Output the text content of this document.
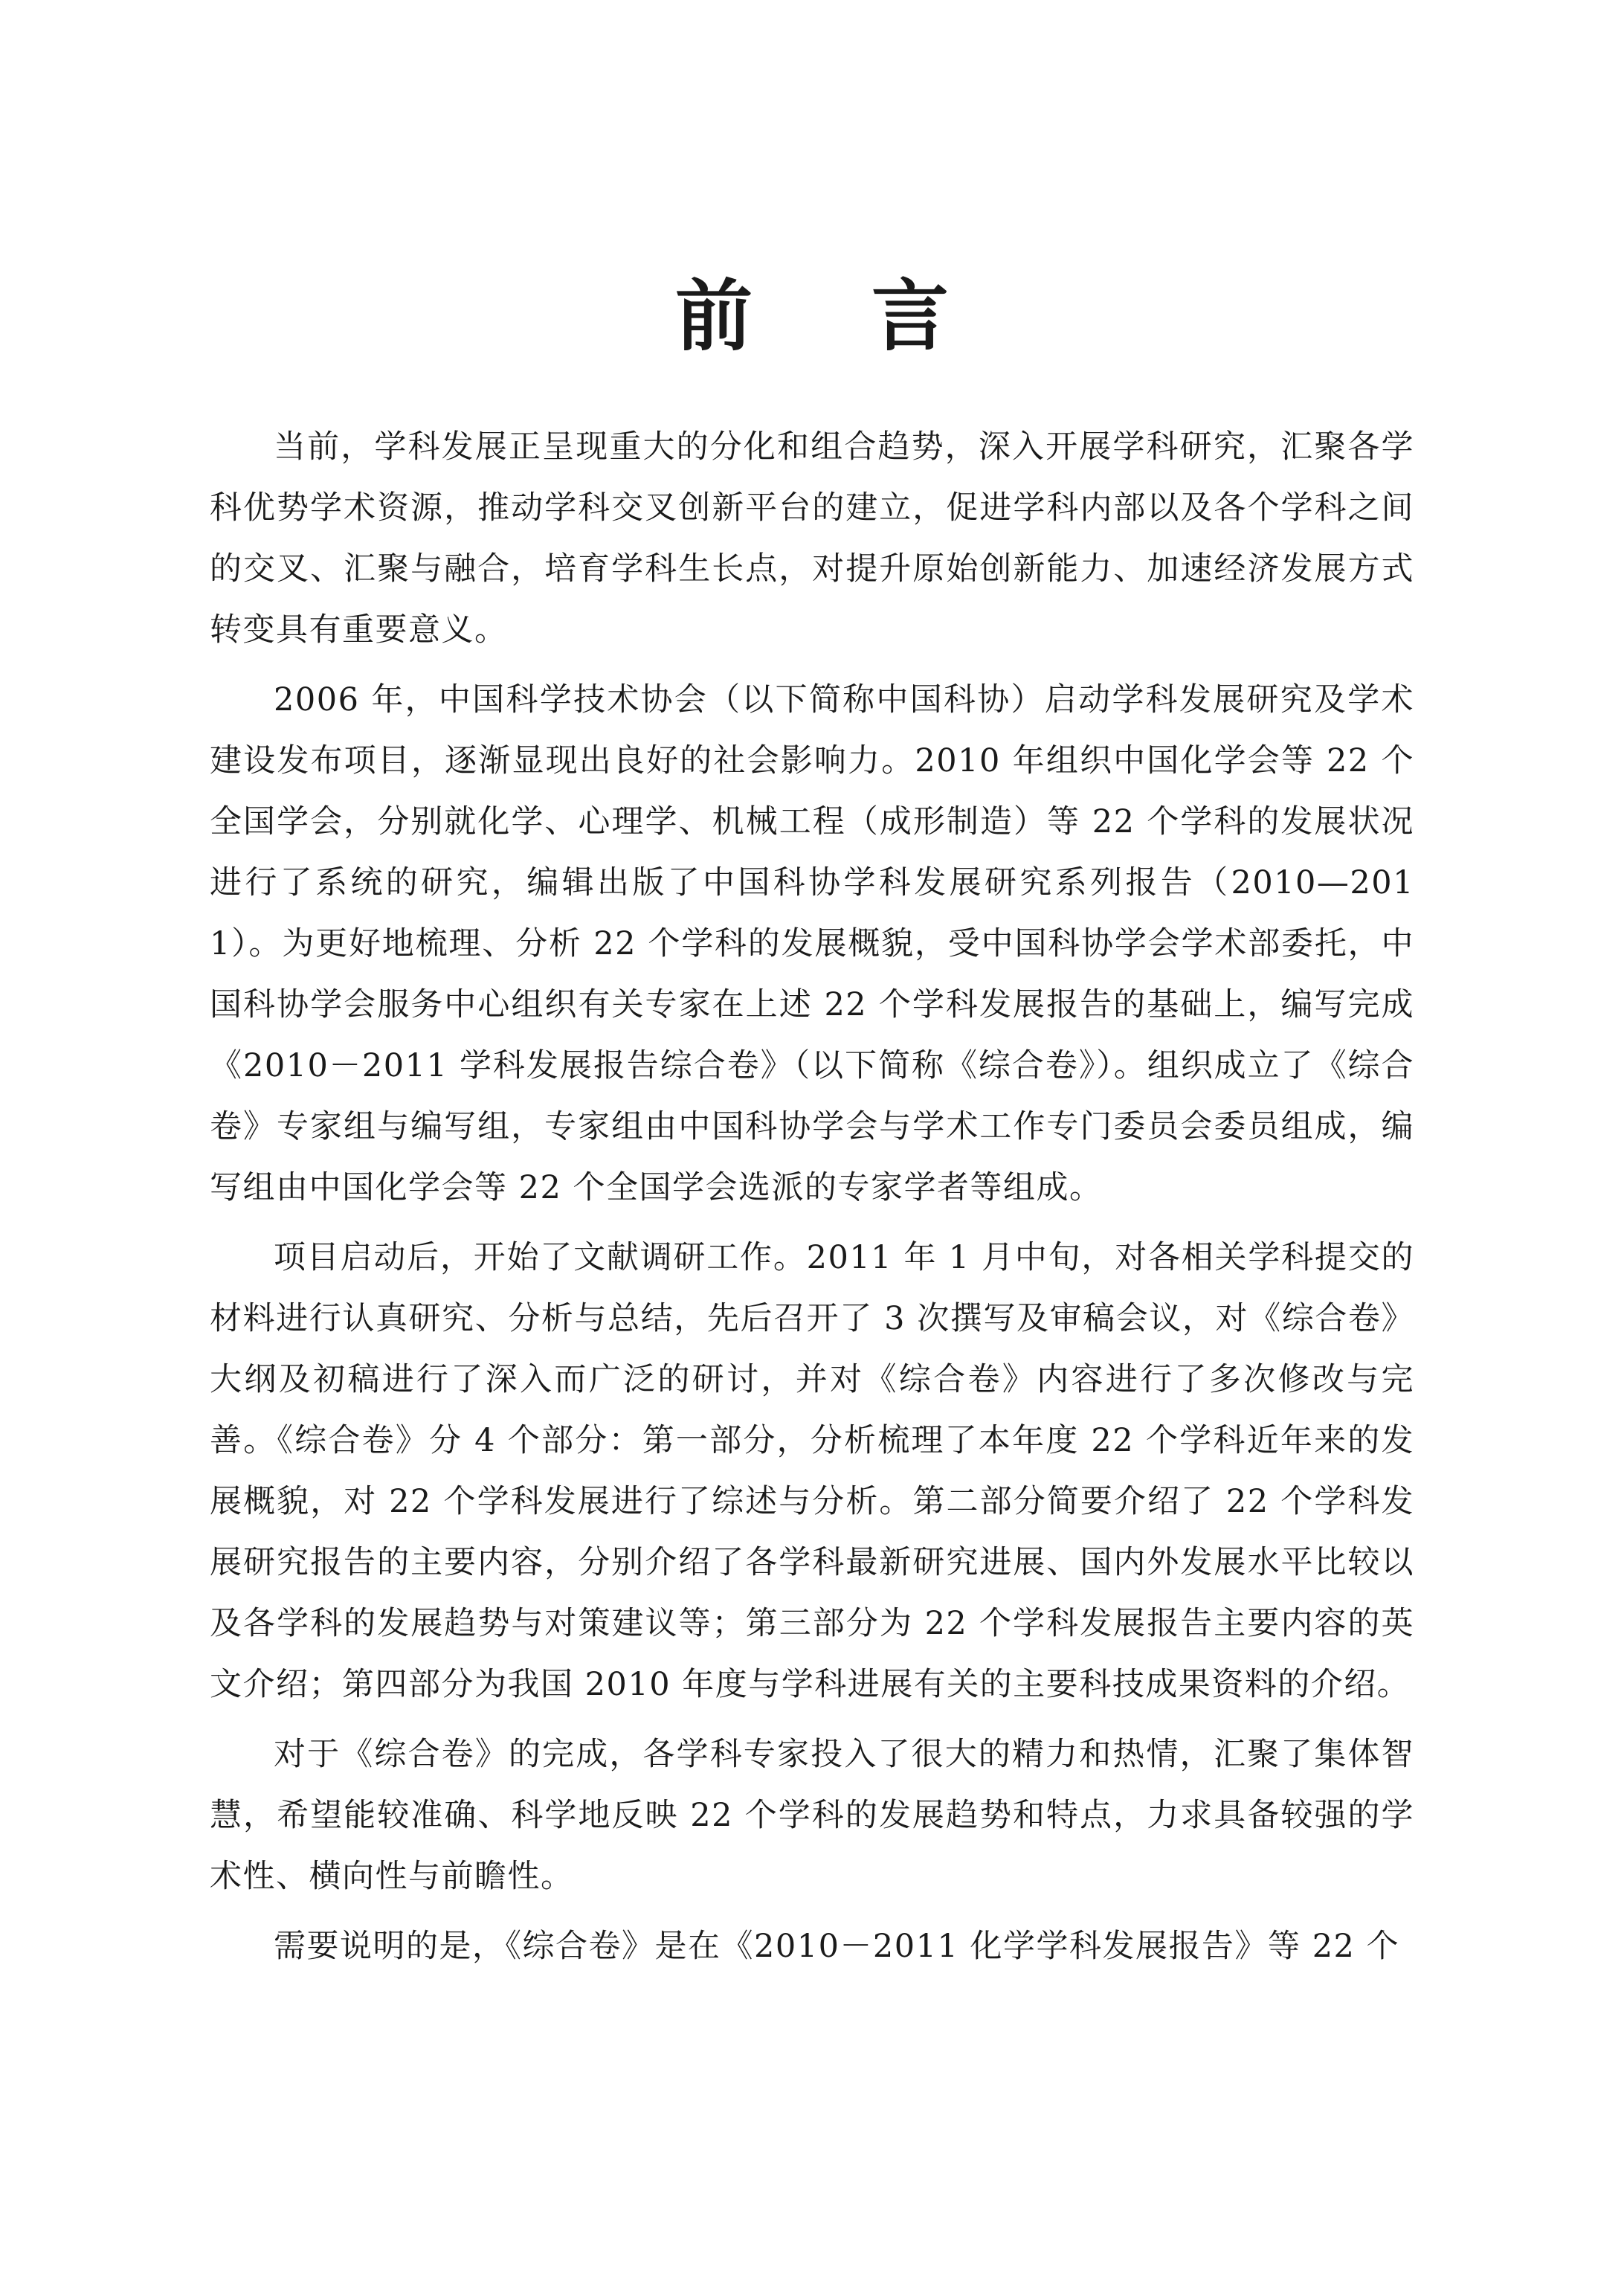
前言

当前，学科发展正呈现重大的分化和组合趋势，深入开展学科研究，汇聚各学科优势学术资源，推动学科交叉创新平台的建立，促进学科内部以及各个学科之间的交叉、汇聚与融合，培育学科生长点，对提升原始创新能力、加速经济发展方式转变具有重要意义。

2006 年，中国科学技术协会（以下简称中国科协）启动学科发展研究及学术建设发布项目，逐渐显现出良好的社会影响力。2010 年组织中国化学会等 22 个全国学会，分别就化学、心理学、机械工程（成形制造）等 22 个学科的发展状况进行了系统的研究，编辑出版了中国科协学科发展研究系列报告（2010—2011）。为更好地梳理、分析 22 个学科的发展概貌，受中国科协学会学术部委托，中国科协学会服务中心组织有关专家在上述 22 个学科发展报告的基础上，编写完成《2010－2011 学科发展报告综合卷》（以下简称《综合卷》）。组织成立了《综合卷》专家组与编写组，专家组由中国科协学会与学术工作专门委员会委员组成，编写组由中国化学会等 22 个全国学会选派的专家学者等组成。

项目启动后，开始了文献调研工作。2011 年 1 月中旬，对各相关学科提交的材料进行认真研究、分析与总结，先后召开了 3 次撰写及审稿会议，对《综合卷》大纲及初稿进行了深入而广泛的研讨，并对《综合卷》内容进行了多次修改与完善。《综合卷》分 4 个部分：第一部分，分析梳理了本年度 22 个学科近年来的发展概貌，对 22 个学科发展进行了综述与分析。第二部分简要介绍了 22 个学科发展研究报告的主要内容，分别介绍了各学科最新研究进展、国内外发展水平比较以及各学科的发展趋势与对策建议等；第三部分为 22 个学科发展报告主要内容的英文介绍；第四部分为我国 2010 年度与学科进展有关的主要科技成果资料的介绍。

对于《综合卷》的完成，各学科专家投入了很大的精力和热情，汇聚了集体智慧，希望能较准确、科学地反映 22 个学科的发展趋势和特点，力求具备较强的学术性、横向性与前瞻性。

需要说明的是，《综合卷》是在《2010－2011 化学学科发展报告》等 22 个
